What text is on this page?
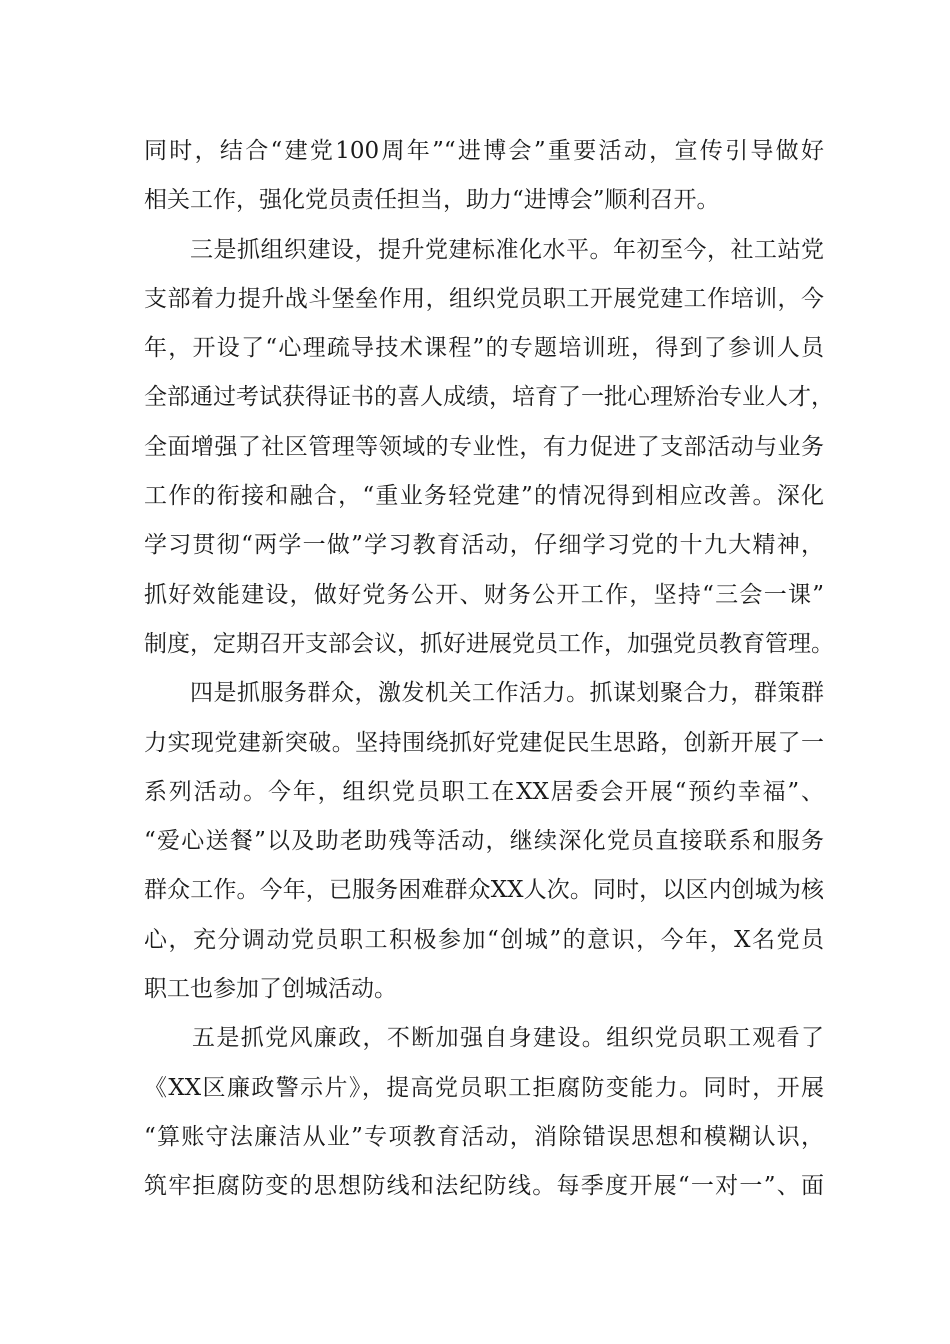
同时，结合“建党100周年”“进博会”重要活动，宣传引导做好
相关工作，强化党员责任担当，助力“进博会”顺利召开。
三是抓组织建设，提升党建标准化水平。年初至今，社工站党
支部着力提升战斗堡垒作用，组织党员职工开展党建工作培训，今
年，开设了“心理疏导技术课程”的专题培训班，得到了参训人员
全部通过考试获得证书的喜人成绩，培育了一批心理矫治专业人才，
全面增强了社区管理等领域的专业性，有力促进了支部活动与业务
工作的衔接和融合，“重业务轻党建”的情况得到相应改善。深化
学习贯彻“两学一做”学习教育活动，仔细学习党的十九大精神，
抓好效能建设，做好党务公开、财务公开工作，坚持“三会一课”
制度，定期召开支部会议，抓好进展党员工作，加强党员教育管理。
四是抓服务群众，激发机关工作活力。抓谋划聚合力，群策群
力实现党建新突破。坚持围绕抓好党建促民生思路，创新开展了一
系列活动。今年，组织党员职工在XX居委会开展“预约幸福”、
“爱心送餐”以及助老助残等活动，继续深化党员直接联系和服务
群众工作。今年，已服务困难群众XX人次。同时，以区内创城为核
心，充分调动党员职工积极参加“创城”的意识，今年，X名党员
职工也参加了创城活动。
五是抓党风廉政，不断加强自身建设。组织党员职工观看了
《XX区廉政警示片》，提高党员职工拒腐防变能力。同时，开展
“算账守法廉洁从业”专项教育活动，消除错误思想和模糊认识，
筑牢拒腐防变的思想防线和法纪防线。每季度开展“一对一”、面
